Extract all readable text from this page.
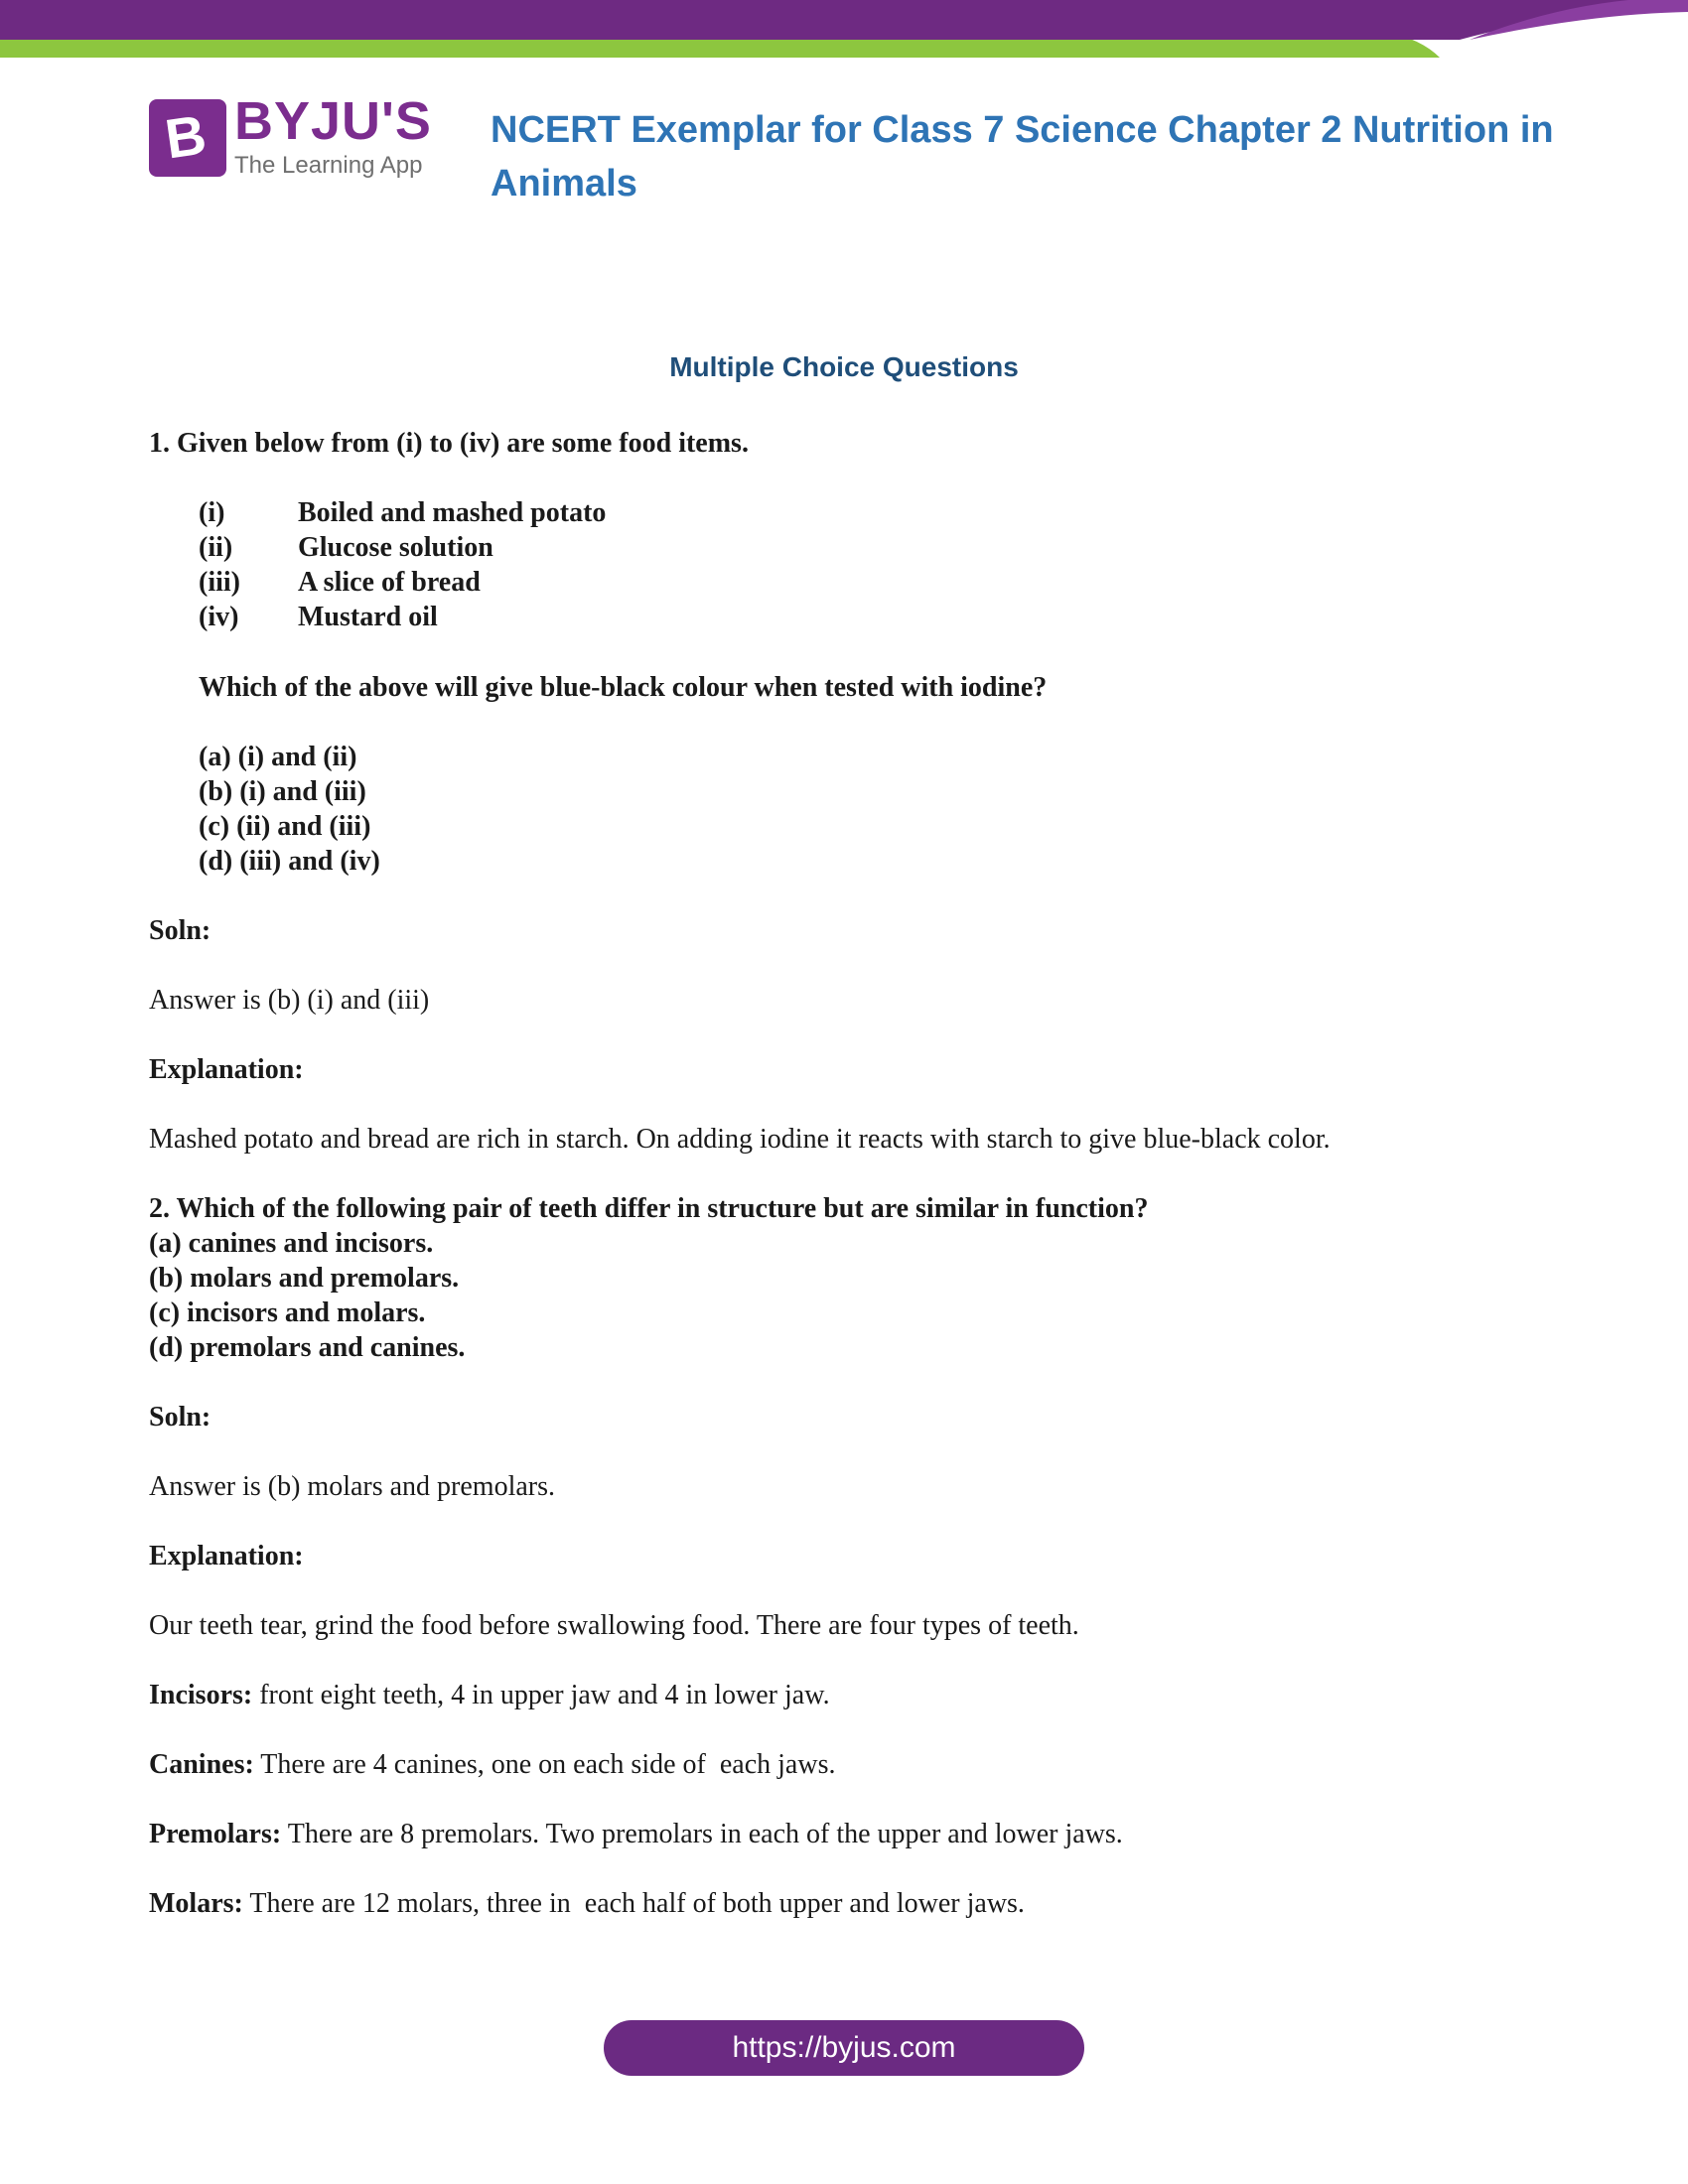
B BYJU'S
The Learning App
NCERT Exemplar for Class 7 Science Chapter 2 Nutrition in Animals
Multiple Choice Questions
1. Given below from (i) to (iv) are some food items.
(i)	Boiled and mashed potato
(ii) Glucose solution
(iii) A slice of bread
(iv) Mustard oil
Which of the above will give blue-black colour when tested with iodine?
(a) (i) and (ii)
(b) (i) and (iii)
(c) (ii) and (iii)
(d) (iii) and (iv)
Soln:
Answer is (b) (i) and (iii)
Explanation:
Mashed potato and bread are rich in starch. On adding iodine it reacts with starch to give blue-black color.
2. Which of the following pair of teeth differ in structure but are similar in function?
(a) canines and incisors.
(b) molars and premolars.
(c) incisors and molars.
(d) premolars and canines.
Soln:
Answer is (b) molars and premolars.
Explanation:
Our teeth tear, grind the food before swallowing food. There are four types of teeth.
Incisors: front eight teeth, 4 in upper jaw and 4 in lower jaw.
Canines: There are 4 canines, one on each side of  each jaws.
Premolars: There are 8 premolars. Two premolars in each of the upper and lower jaws.
Molars: There are 12 molars, three in  each half of both upper and lower jaws.
https://byjus.com
